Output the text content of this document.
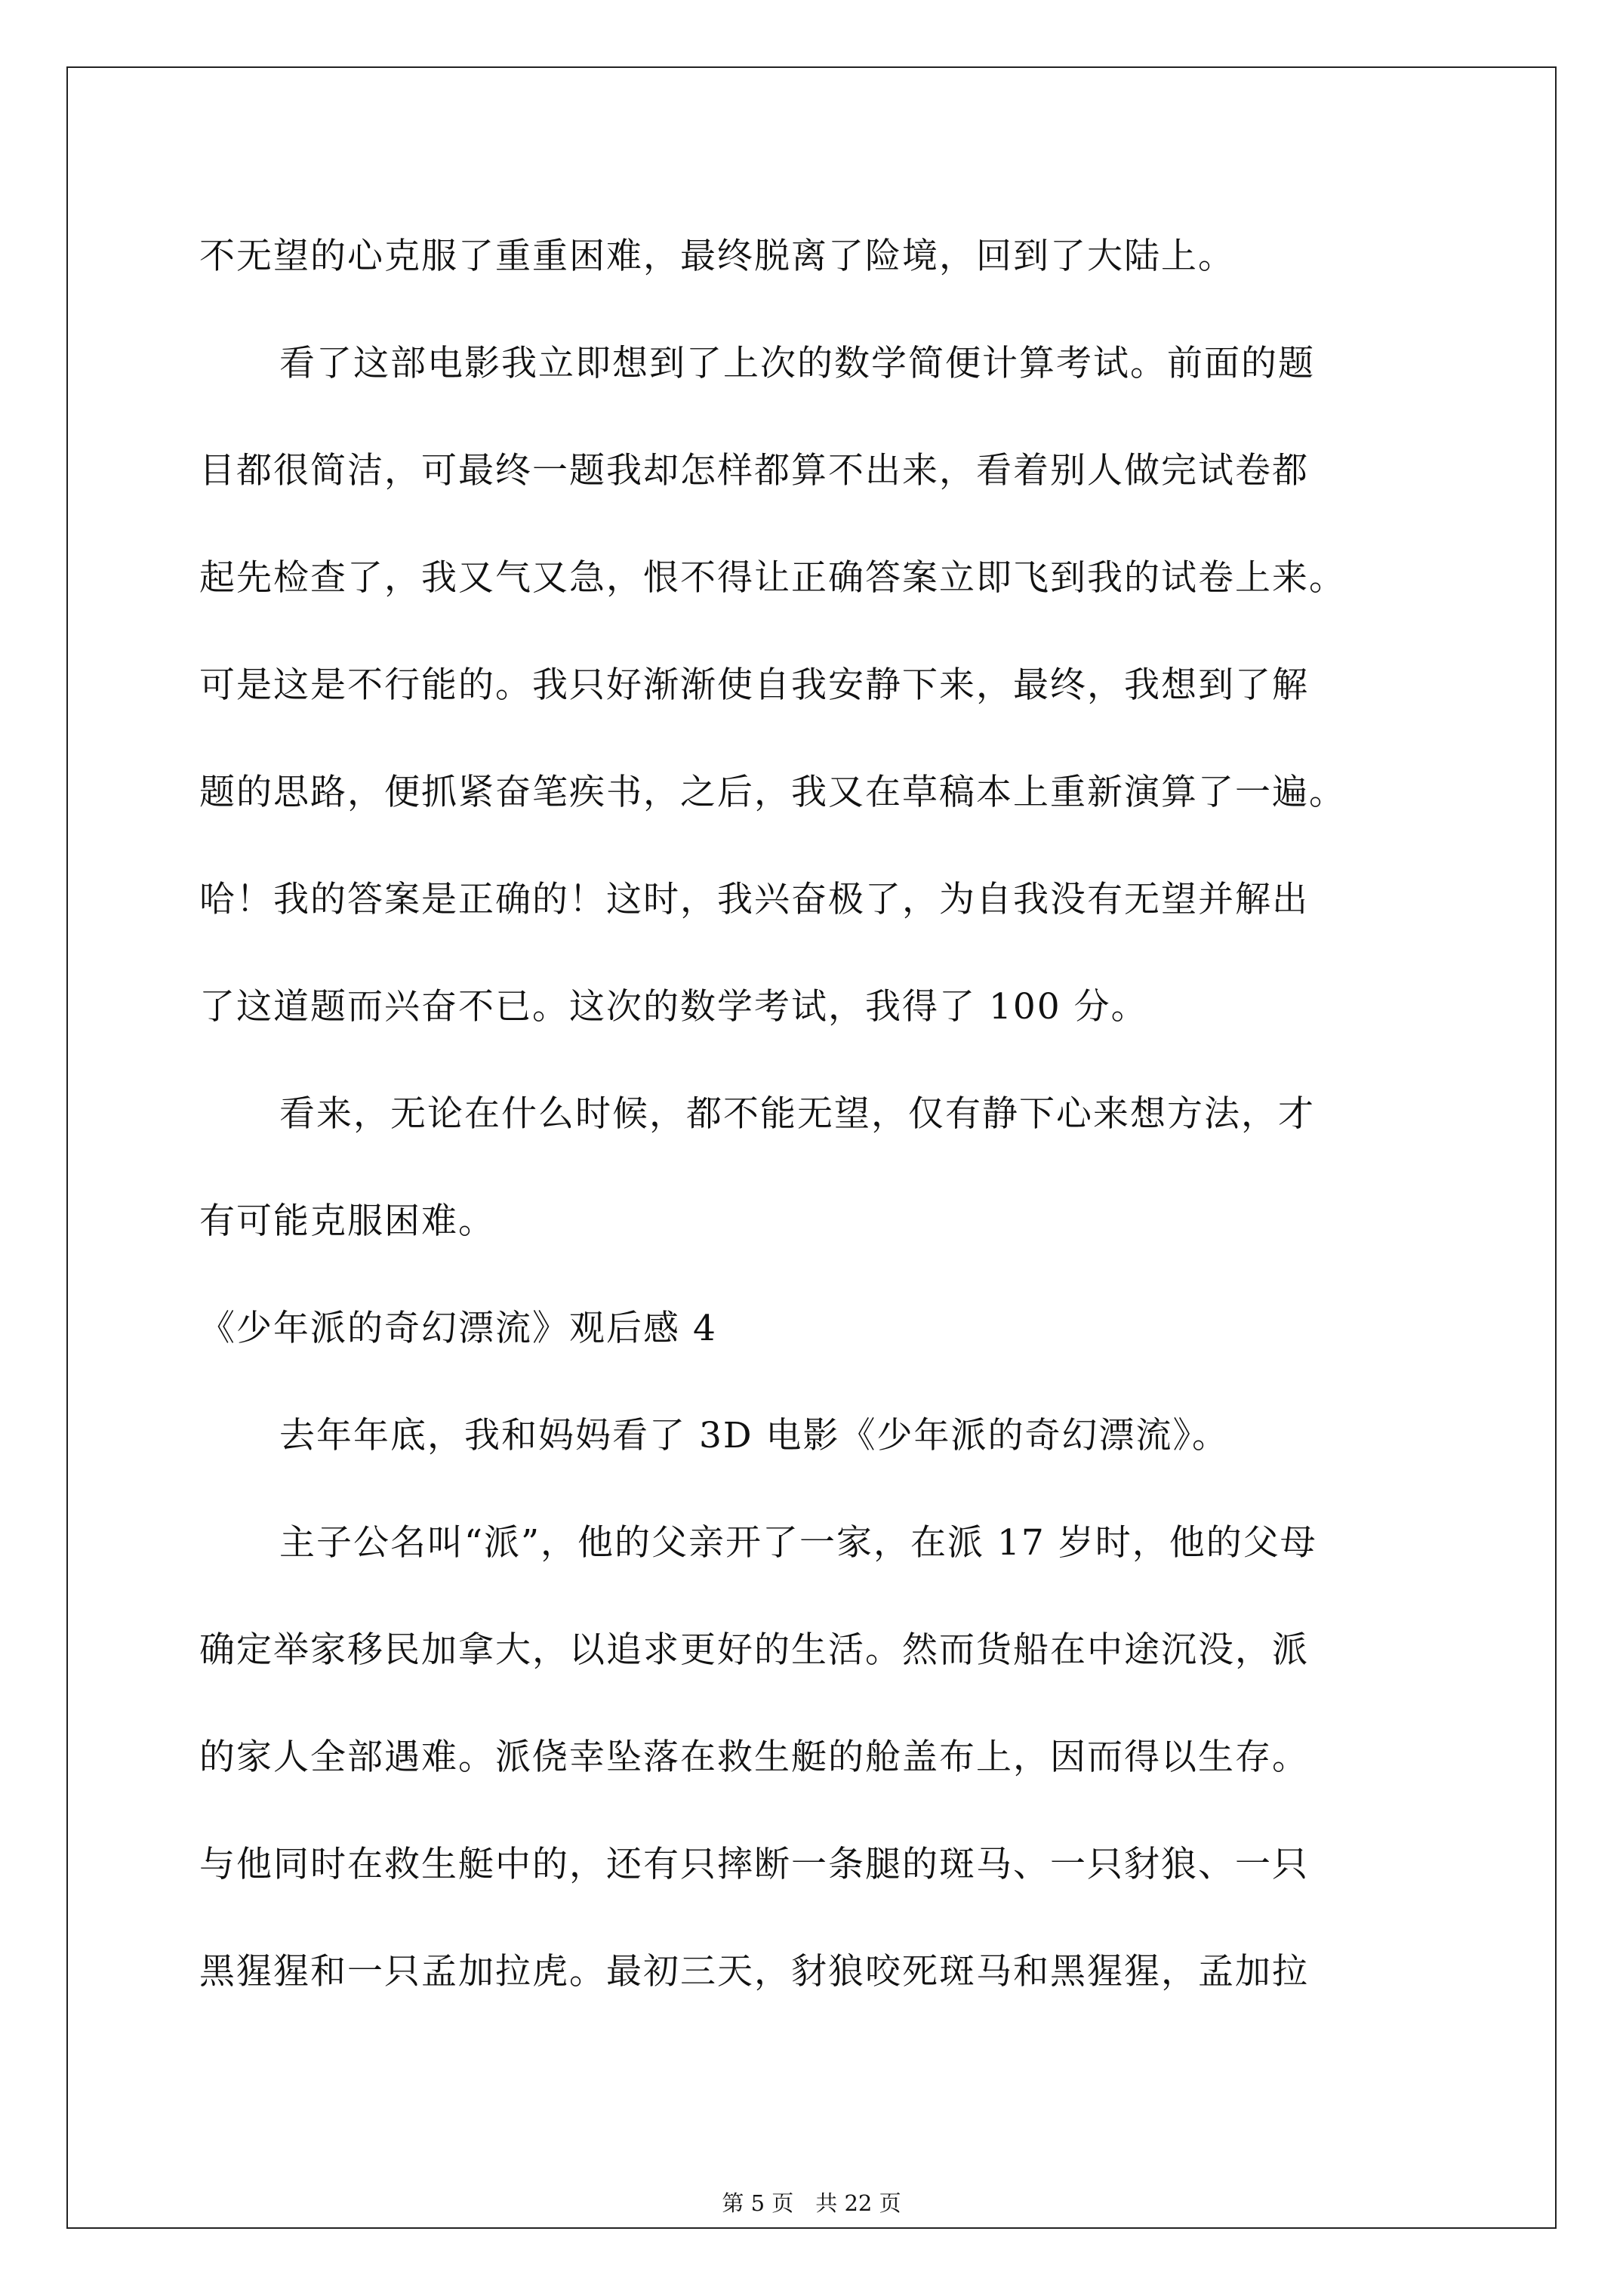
不无望的心克服了重重困难，最终脱离了险境，回到了大陆上。
看了这部电影我立即想到了上次的数学简便计算考试。前面的题
目都很简洁，可最终一题我却怎样都算不出来，看着别人做完试卷都
起先检查了，我又气又急，恨不得让正确答案立即飞到我的试卷上来。
可是这是不行能的。我只好渐渐使自我安静下来，最终，我想到了解
题的思路，便抓紧奋笔疾书，之后，我又在草稿本上重新演算了一遍。
哈！我的答案是正确的！这时，我兴奋极了，为自我没有无望并解出
了这道题而兴奋不已。这次的数学考试，我得了 100 分。
看来，无论在什么时候，都不能无望，仅有静下心来想方法，才
有可能克服困难。
《少年派的奇幻漂流》观后感 4
去年年底，我和妈妈看了 3D 电影《少年派的奇幻漂流》。
主子公名叫“派”，他的父亲开了一家，在派 17 岁时，他的父母
确定举家移民加拿大，以追求更好的生活。然而货船在中途沉没，派
的家人全部遇难。派侥幸坠落在救生艇的舱盖布上，因而得以生存。
与他同时在救生艇中的，还有只摔断一条腿的斑马、一只豺狼、一只
黑猩猩和一只孟加拉虎。最初三天，豺狼咬死斑马和黑猩猩，孟加拉
第 5 页　共 22 页
